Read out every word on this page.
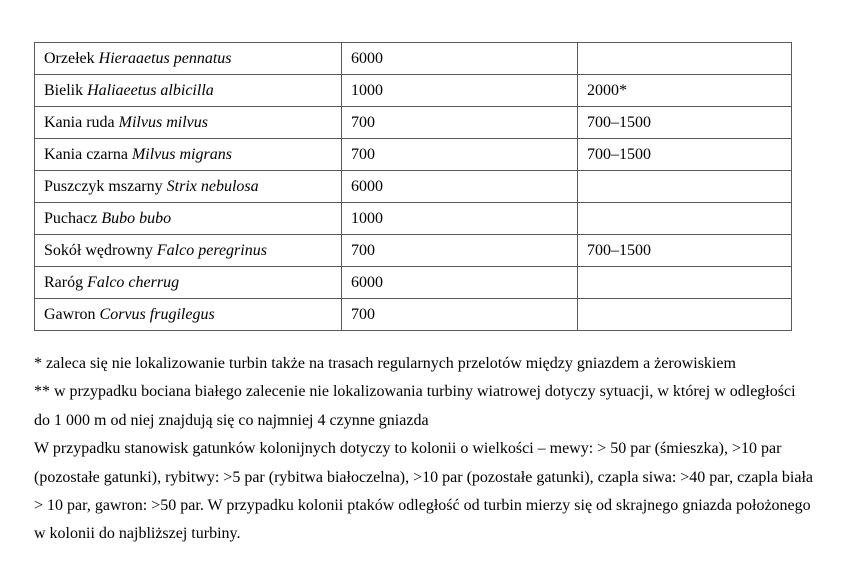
Orzełek Hieraaetus pennatus	6000	
Bielik Haliaeetus albicilla	1000	2000*
Kania ruda Milvus milvus	700	700–1500
Kania czarna Milvus migrans	700	700–1500
Puszczyk mszarny Strix nebulosa	6000	
Puchacz Bubo bubo	1000	
Sokół wędrowny Falco peregrinus	700	700–1500
Raróg Falco cherrug	6000	
Gawron Corvus frugilegus	700	

* zaleca się nie lokalizowanie turbin także na trasach regularnych przelotów między gniazdem a żerowiskiem

** w przypadku bociana białego zalecenie nie lokalizowania turbiny wiatrowej dotyczy sytuacji, w której w odległości do 1 000 m od niej znajdują się co najmniej 4 czynne gniazda

W przypadku stanowisk gatunków kolonijnych dotyczy to kolonii o wielkości – mewy: > 50 par (śmieszka), >10 par (pozostałe gatunki), rybitwy: >5 par (rybitwa białoczelna), >10 par (pozostałe gatunki), czapla siwa: >40 par, czapla biała > 10 par, gawron: >50 par. W przypadku kolonii ptaków odległość od turbin mierzy się od skrajnego gniazda położonego w kolonii do najbliższej turbiny.
